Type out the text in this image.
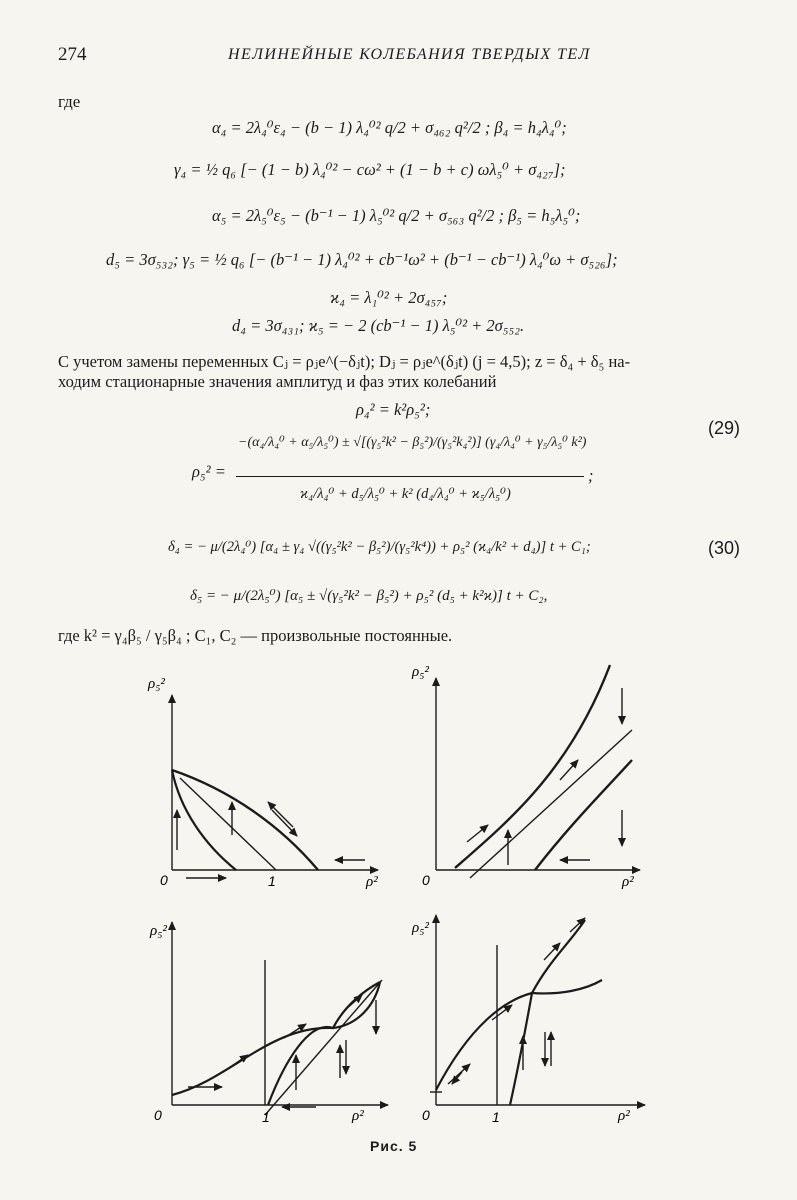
274	НЕЛИНЕЙНЫЕ КОЛЕБАНИЯ ТВЕРДЫХ ТЕЛ
где
α₄ = 2λ₄⁰ε₄ − (b − 1) λ₄⁰² q/2 + σ₄₆₂ q²/2 ; β₄ = h₄λ₄⁰;
γ₄ = ½ q₆ [− (1 − b) λ₄⁰² − cω² + (1 − b + c) ωλ₅⁰ + σ₄₂₇];
α₅ = 2λ₅⁰ε₅ − (b⁻¹ − 1) λ₅⁰² q/2 + σ₅₆₃ q²/2 ; β₅ = h₅λ₅⁰;
d₅ = 3σ₅₃₂; γ₅ = ½ q₆ [− (b⁻¹ − 1) λ₄⁰² + cb⁻¹ω² + (b⁻¹ − cb⁻¹) λ₄⁰ω + σ₅₂₆];
ϰ₄ = λ₁⁰² + 2σ₄₅₇;
d₄ = 3σ₄₃₁; ϰ₅ = − 2 (cb⁻¹ − 1) λ₅⁰² + 2σ₅₅₂.
С учетом замены переменных Cⱼ = ρⱼe^(−δⱼt); Dⱼ = ρⱼe^(δⱼt) (j = 4,5); z = δ₄ + δ₅ на-
ходим стационарные значения амплитуд и фаз этих колебаний
ρ₄² = k²ρ₅²;
(29)
ρ₅² =
−(α₄/λ₄⁰ + α₅/λ₅⁰) ± √[(γ₅²k² − β₅²)/(γ₅²k₄²)] (γ₄/λ₄⁰ + γ₅/λ₅⁰ k²)
ϰ₄/λ₄⁰ + d₅/λ₅⁰ + k² (d₄/λ₄⁰ + ϰ₅/λ₅⁰)
;
δ₄ = − μ/(2λ₄⁰) [α₄ ± γ₄ √((γ₅²k² − β₅²)/(γ₅²k⁴)) + ρ₅² (ϰ₄/k² + d₄)] t + C₁;	(30)
δ₅ = − μ/(2λ₅⁰) [α₅ ± √(γ₅²k² − β₅²) + ρ₅² (d₅ + k²ϰ)] t + C₂,
где k² = γ₄β₅ / γ₅β₄ ; C₁, C₂ — произвольные постоянные.
ρ₅²
0	1	ρ²
ρ₅²
0	ρ²
ρ₅²
0	1	ρ²
ρ₅²
0	1	ρ²
Рис. 5
